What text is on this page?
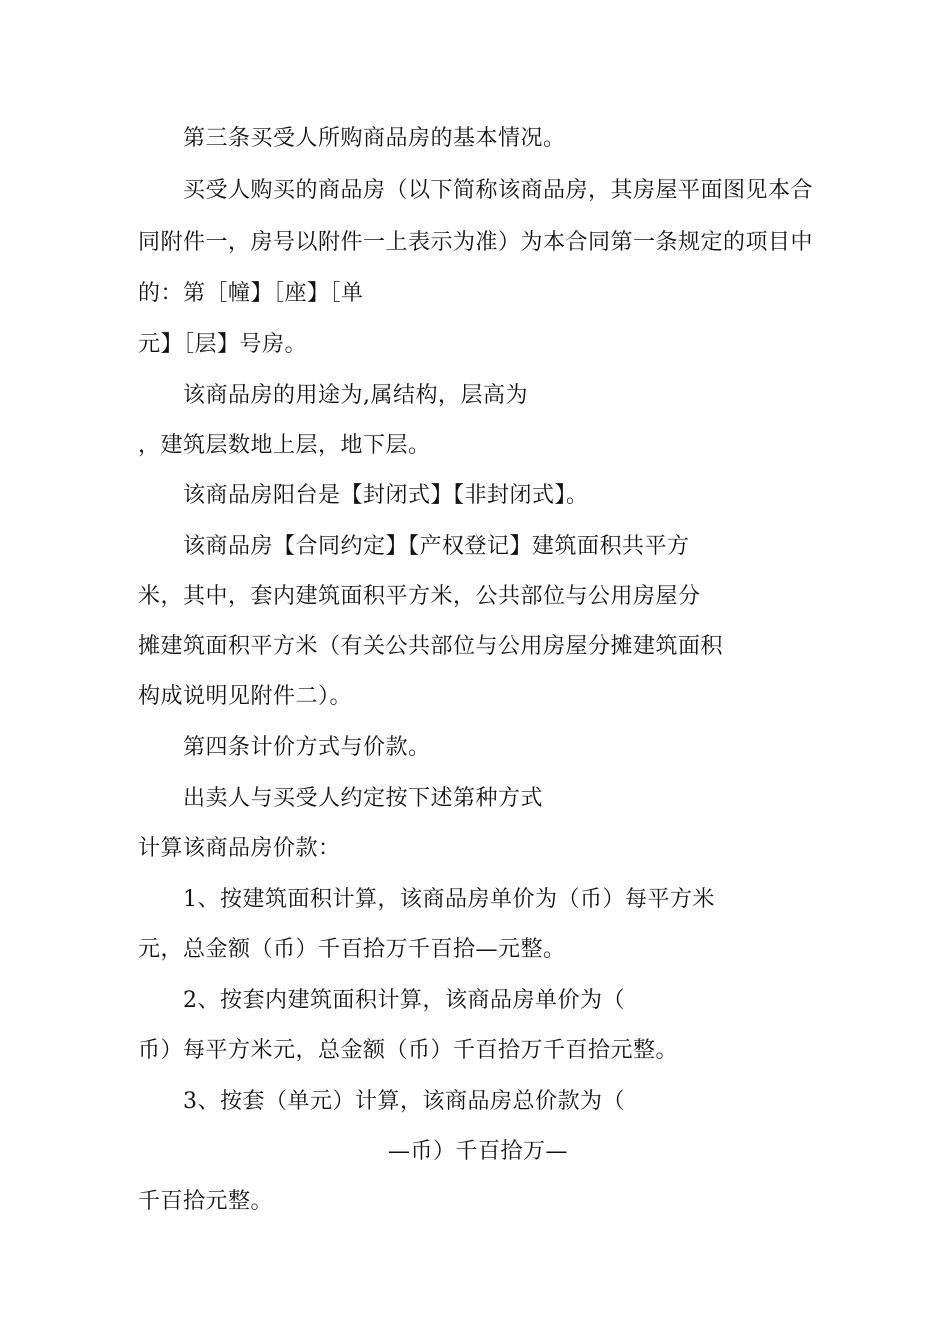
第三条买受人所购商品房的基本情况。
买受人购买的商品房（以下简称该商品房，其房屋平面图见本合
同附件一，房号以附件一上表示为准）为本合同第一条规定的项目中
的：第［幢】［座】［单
元】［层】号房。
该商品房的用途为,属结构，层高为
，建筑层数地上层，地下层。
该商品房阳台是【封闭式】【非封闭式】。
该商品房【合同约定】【产权登记】建筑面积共平方
米，其中，套内建筑面积平方米，公共部位与公用房屋分
摊建筑面积平方米（有关公共部位与公用房屋分摊建筑面积
构成说明见附件二）。
第四条计价方式与价款。
出卖人与买受人约定按下述第种方式
计算该商品房价款：
1、按建筑面积计算，该商品房单价为（币）每平方米
元，总金额（币）千百拾万千百拾—元整。
2、按套内建筑面积计算，该商品房单价为（
币）每平方米元，总金额（币）千百拾万千百拾元整。
3、按套（单元）计算，该商品房总价款为（
—币）千百拾万—
千百拾元整。
